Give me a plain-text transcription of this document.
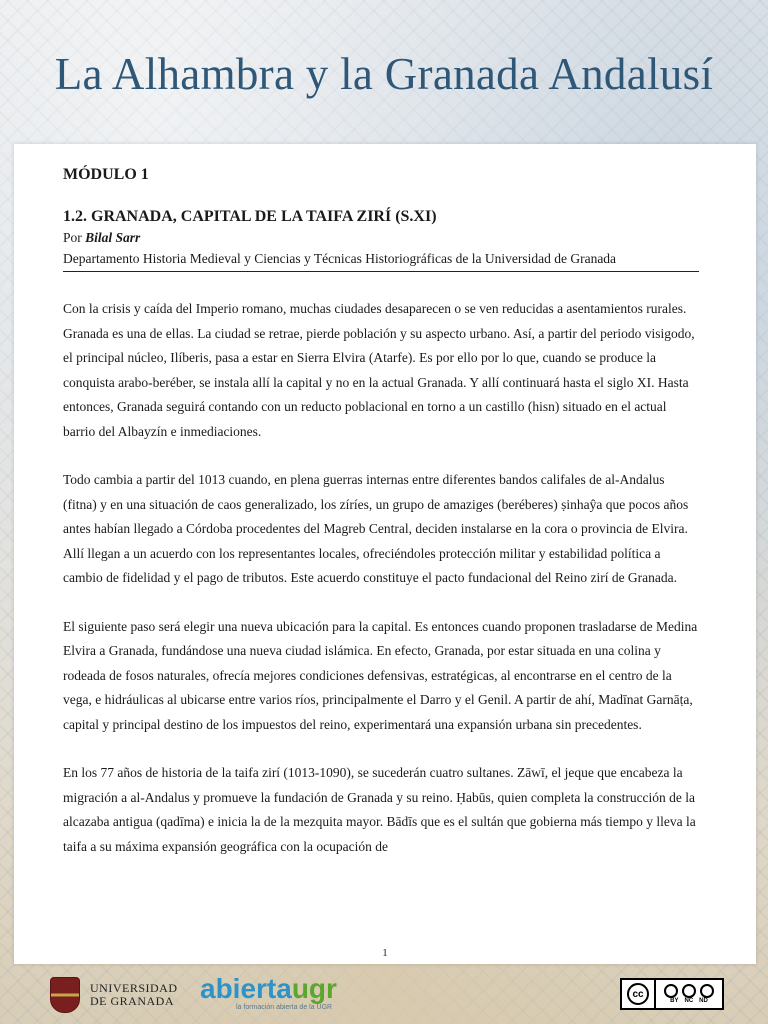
La Alhambra y la Granada Andalusí

MÓDULO 1

1.2. GRANADA, CAPITAL DE LA TAIFA ZIRÍ (S.XI)

Por Bilal Sarr

Departamento Historia Medieval y Ciencias y Técnicas Historiográficas de la Universidad de Granada

Con la crisis y caída del Imperio romano, muchas ciudades desaparecen o se ven reducidas a asentamientos rurales. Granada es una de ellas. La ciudad se retrae, pierde población y su aspecto urbano. Así, a partir del periodo visigodo, el principal núcleo, Ilíberis, pasa a estar en Sierra Elvira (Atarfe). Es por ello por lo que, cuando se produce la conquista arabo-beréber, se instala allí la capital y no en la actual Granada. Y allí continuará hasta el siglo XI. Hasta entonces, Granada seguirá contando con un reducto poblacional en torno a un castillo (hisn) situado en el actual barrio del Albayzín e inmediaciones.

Todo cambia a partir del 1013 cuando, en plena guerras internas entre diferentes bandos califales de al-Andalus (fitna) y en una situación de caos generalizado, los zíríes, un grupo de amaziges (beréberes) ṣinhaŷa que pocos años antes habían llegado a Córdoba procedentes del Magreb Central, deciden instalarse en la cora o provincia de Elvira. Allí llegan a un acuerdo con los representantes locales, ofreciéndoles protección militar y estabilidad política a cambio de fidelidad y el pago de tributos. Este acuerdo constituye el pacto fundacional del Reino zirí de Granada.

El siguiente paso será elegir una nueva ubicación para la capital. Es entonces cuando proponen trasladarse de Medina Elvira a Granada, fundándose una nueva ciudad islámica. En efecto, Granada, por estar situada en una colina y rodeada de fosos naturales, ofrecía mejores condiciones defensivas, estratégicas, al encontrarse en el centro de la vega, e hidráulicas al ubicarse entre varios ríos, principalmente el Darro y el Genil. A partir de ahí, Madīnat Garnāṭa, capital y principal destino de los impuestos del reino, experimentará una expansión urbana sin precedentes.

En los 77 años de historia de la taifa zirí (1013-1090), se sucederán cuatro sultanes. Zāwī, el jeque que encabeza la migración a al-Andalus y promueve la fundación de Granada y su reino. Ḥabūs, quien completa la construcción de la alcazaba antigua (qadīma) e inicia la de la mezquita mayor. Bādīs que es el sultán que gobierna más tiempo y lleva la taifa a su máxima expansión geográfica con la ocupación de

1
UNIVERSIDAD
DE GRANADA abiertaugr
la formación abierta de la UGR
cc
BY NC ND
